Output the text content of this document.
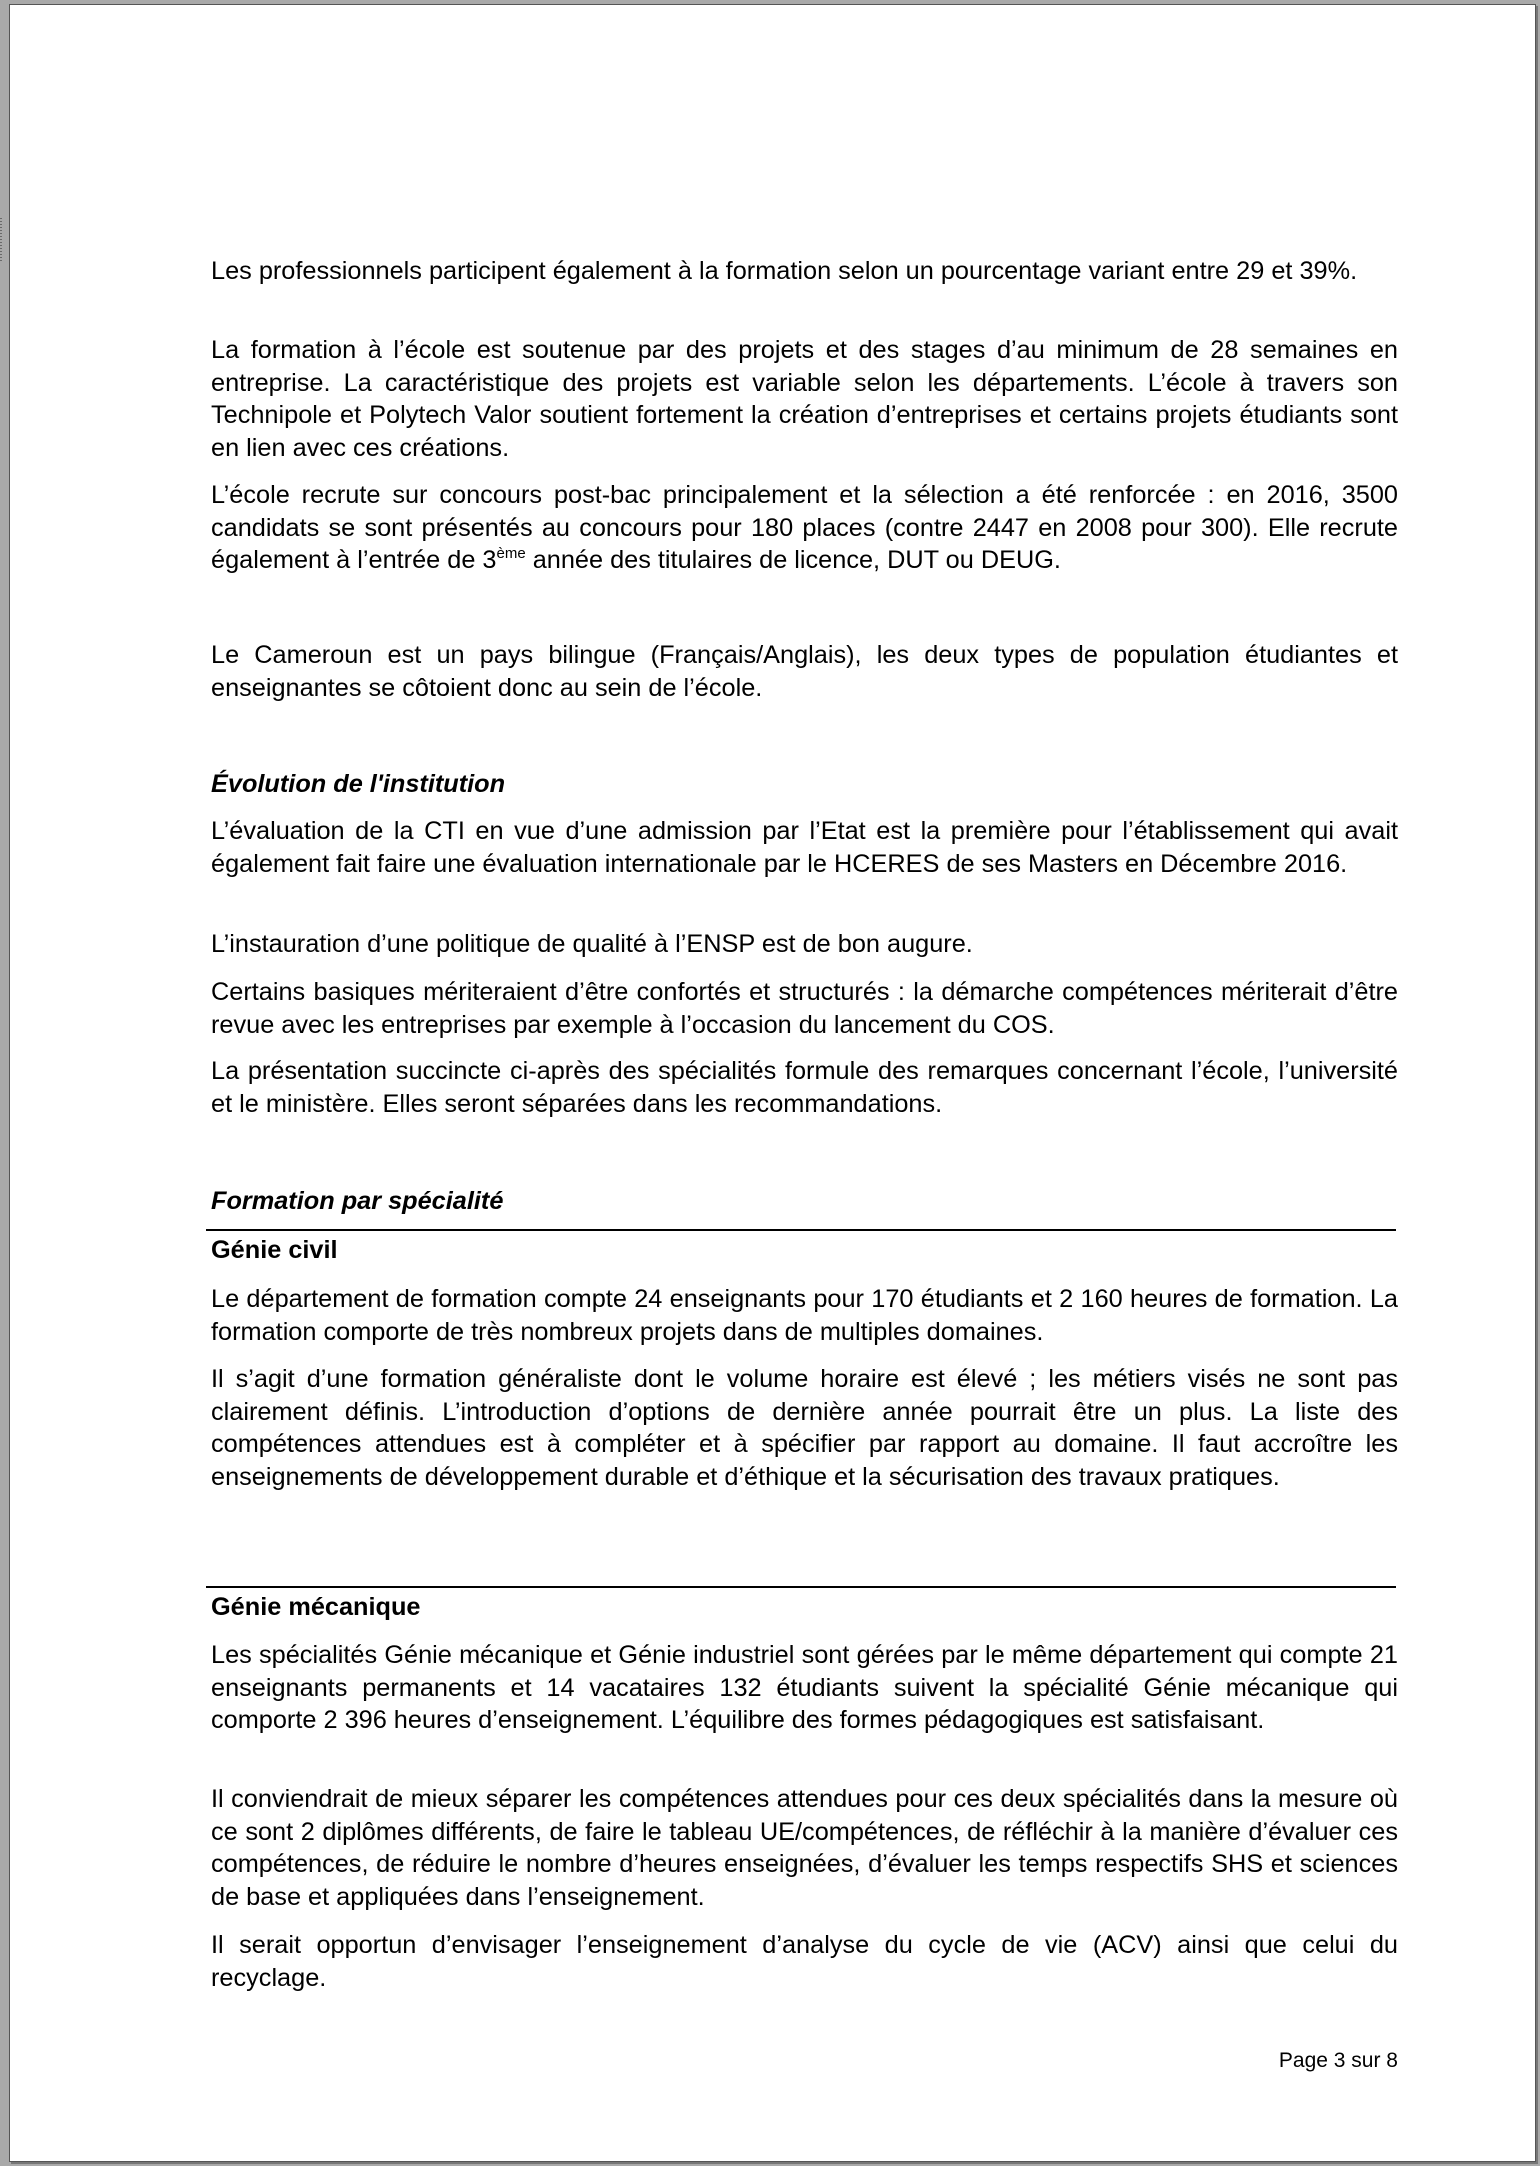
Les professionnels participent également à la formation selon un pourcentage variant entre 29 et 39%.

La formation à l’école est soutenue par des projets et des stages d’au minimum de 28 semaines en entreprise. La caractéristique des projets est variable selon les départements. L’école à travers son Technipole et Polytech Valor soutient fortement la création d’entreprises et certains projets étudiants sont en lien avec ces créations.

L’école recrute sur concours post-bac principalement et la sélection a été renforcée : en 2016, 3500 candidats se sont présentés au concours pour 180 places (contre 2447 en 2008 pour 300). Elle recrute également à l’entrée de 3ème année des titulaires de licence, DUT ou DEUG.

Le Cameroun est un pays bilingue (Français/Anglais), les deux types de population étudiantes et enseignantes se côtoient donc au sein de l’école.

Évolution de l'institution

L’évaluation de la CTI en vue d’une admission par l’Etat est la première pour l’établissement qui avait également fait faire une évaluation internationale par le HCERES de ses Masters en Décembre 2016.

L’instauration d’une politique de qualité à l’ENSP est de bon augure.

Certains basiques mériteraient d’être confortés et structurés : la démarche compétences mériterait d’être revue avec les entreprises par exemple à l’occasion du lancement du COS.

La présentation succincte ci-après des spécialités formule des remarques concernant l’école, l’université et le ministère. Elles seront séparées dans les recommandations.

Formation par spécialité
Génie civil

Le département de formation compte 24 enseignants pour 170 étudiants et 2 160 heures de formation. La formation comporte de très nombreux projets dans de multiples domaines.

Il s’agit d’une formation généraliste dont le volume horaire est élevé ; les métiers visés ne sont pas clairement définis. L’introduction d’options de dernière année pourrait être un plus. La liste des compétences attendues est à compléter et à spécifier par rapport au domaine. Il faut accroître les enseignements de développement durable et d’éthique et la sécurisation des travaux pratiques.

Génie mécanique

Les spécialités Génie mécanique et Génie industriel sont gérées par le même département qui compte 21 enseignants permanents et 14 vacataires 132 étudiants suivent la spécialité Génie mécanique qui comporte 2 396 heures d’enseignement. L’équilibre des formes pédagogiques est satisfaisant.

Il conviendrait de mieux séparer les compétences attendues pour ces deux spécialités dans la mesure où ce sont 2 diplômes différents, de faire le tableau UE/compétences, de réfléchir à la manière d’évaluer ces compétences, de réduire le nombre d’heures enseignées, d’évaluer les temps respectifs SHS et sciences de base et appliquées dans l’enseignement.

Il serait opportun d’envisager l’enseignement d’analyse du cycle de vie (ACV) ainsi que celui du recyclage.

Page 3 sur 8
